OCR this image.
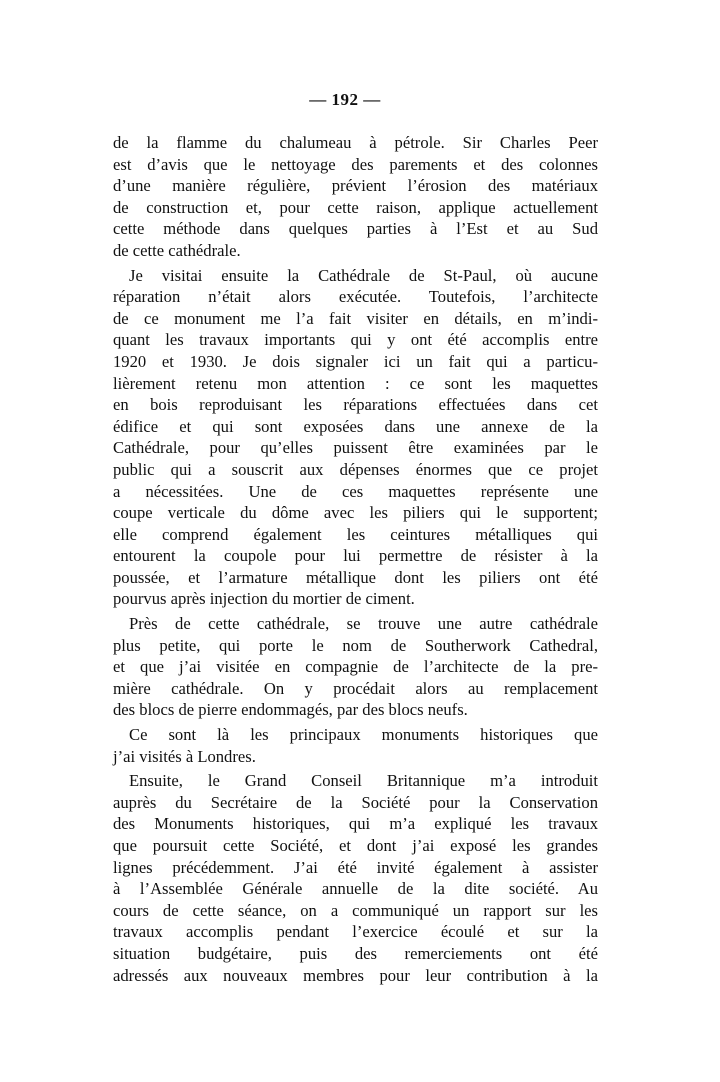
— 192 —
de la flamme du chalumeau à pétrole. Sir Charles Peer
est d’avis que le nettoyage des parements et des colonnes
d’une manière régulière, prévient l’érosion des matériaux
de construction et, pour cette raison, applique actuellement
cette méthode dans quelques parties à l’Est et au Sud
de cette cathédrale.
Je visitai ensuite la Cathédrale de St-Paul, où aucune
réparation n’était alors exécutée. Toutefois, l’architecte
de ce monument me l’a fait visiter en détails, en m’indi-
quant les travaux importants qui y ont été accomplis entre
1920 et 1930. Je dois signaler ici un fait qui a particu-
lièrement retenu mon attention : ce sont les maquettes
en bois reproduisant les réparations effectuées dans cet
édifice et qui sont exposées dans une annexe de la
Cathédrale, pour qu’elles puissent être examinées par le
public qui a souscrit aux dépenses énormes que ce projet
a nécessitées. Une de ces maquettes représente une
coupe verticale du dôme avec les piliers qui le supportent;
elle comprend également les ceintures métalliques qui
entourent la coupole pour lui permettre de résister à la
poussée, et l’armature métallique dont les piliers ont été
pourvus après injection du mortier de ciment.
Près de cette cathédrale, se trouve une autre cathédrale
plus petite, qui porte le nom de Southerwork Cathedral,
et que j’ai visitée en compagnie de l’architecte de la pre-
mière cathédrale. On y procédait alors au remplacement
des blocs de pierre endommagés, par des blocs neufs.
Ce sont là les principaux monuments historiques que
j’ai visités à Londres.
Ensuite, le Grand Conseil Britannique m’a introduit
auprès du Secrétaire de la Société pour la Conservation
des Monuments historiques, qui m’a expliqué les travaux
que poursuit cette Société, et dont j’ai exposé les grandes
lignes précédemment. J’ai été invité également à assister
à l’Assemblée Générale annuelle de la dite société. Au
cours de cette séance, on a communiqué un rapport sur les
travaux accomplis pendant l’exercice écoulé et sur la
situation budgétaire, puis des remerciements ont été
adressés aux nouveaux membres pour leur contribution à la
